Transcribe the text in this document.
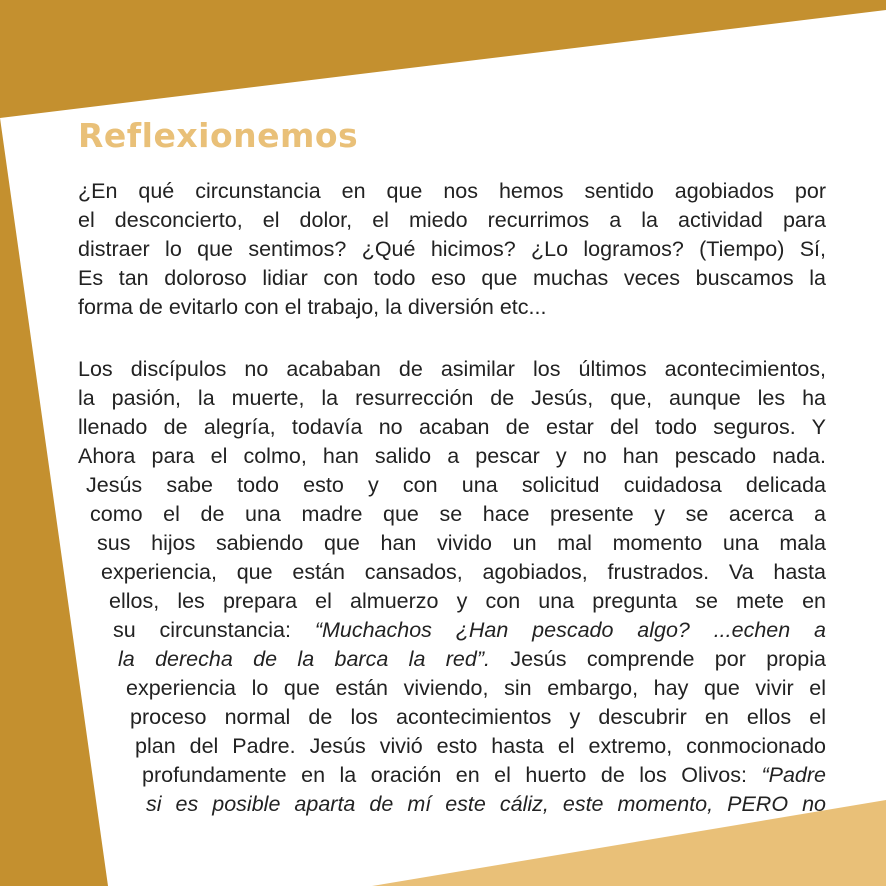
Reflexionemos
¿En qué circunstancia en que nos hemos sentido agobiados por
el desconcierto, el dolor, el miedo recurrimos a la actividad para
distraer lo que sentimos? ¿Qué hicimos? ¿Lo logramos? (Tiempo) Sí,
Es tan doloroso lidiar con todo eso que muchas veces buscamos la
forma de evitarlo con el trabajo, la diversión etc...
Los discípulos no acababan de asimilar los últimos acontecimientos,
la pasión, la muerte, la resurrección de Jesús, que, aunque les ha
llenado de alegría, todavía no acaban de estar del todo seguros. Y
Ahora para el colmo, han salido a pescar y no han pescado nada.
Jesús sabe todo esto y con una solicitud cuidadosa delicada
como el de una madre que se hace presente y se acerca a
sus hijos sabiendo que han vivido un mal momento una mala
experiencia, que están cansados, agobiados, frustrados. Va hasta
ellos, les prepara el almuerzo y con una pregunta se mete en
su circunstancia: “Muchachos ¿Han pescado algo? ...echen a
la derecha de la barca la red”. Jesús comprende por propia
experiencia lo que están viviendo, sin embargo, hay que vivir el
proceso normal de los acontecimientos y descubrir en ellos el
plan del Padre. Jesús vivió esto hasta el extremo, conmocionado
profundamente en la oración en el huerto de los Olivos: “Padre
si es posible aparta de mí este cáliz, este momento, PERO no
